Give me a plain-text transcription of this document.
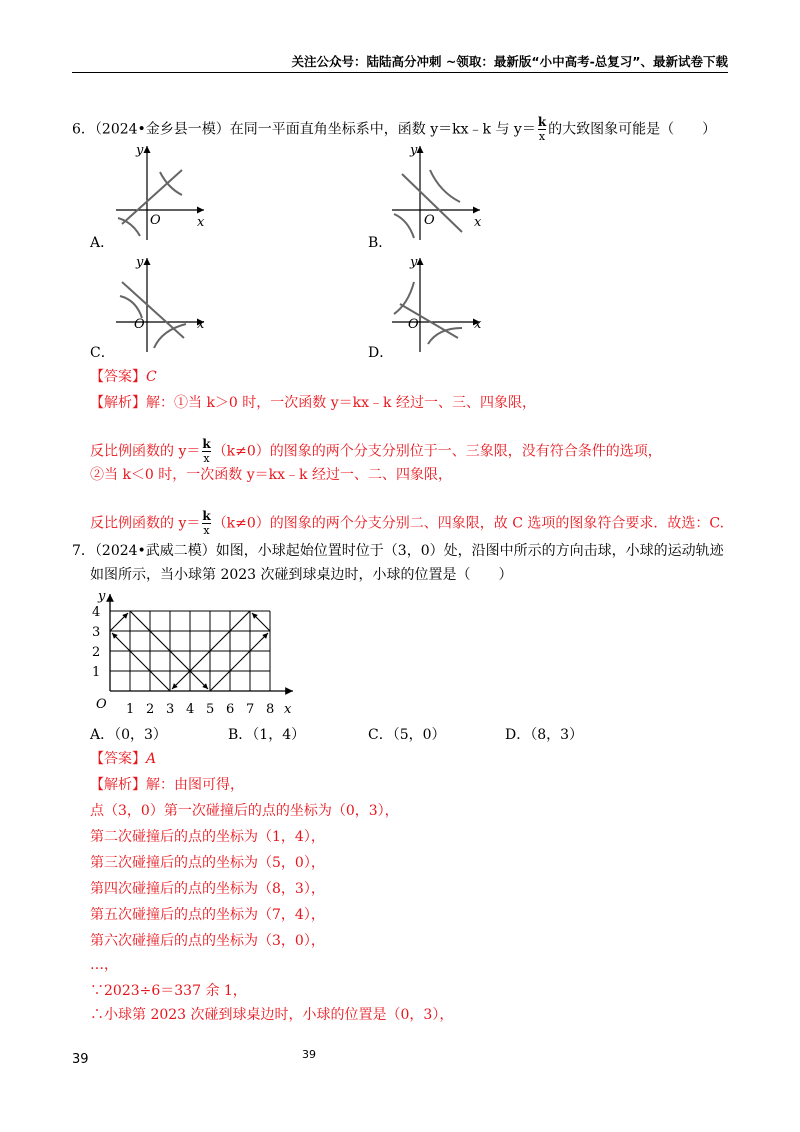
关注公众号：陆陆高分冲刺 ~领取：最新版“小中高考-总复习”、最新试卷下载
6．（2024•金乡县一模）在同一平面直角坐标系中，函数 y＝kx﹣k 与 $y= \frac{k}{x}$ 的大致图象可能是（　　）
y
x
O
A．
y
x
O
B．
y
x
O
C．
y
x
O
D．
【答案】C
【解析】解：①当 k＞0 时，一次函数 y＝kx﹣k 经过一、三、四象限，
反比例函数的 $y= \frac{k}{x} (k\ne 0)$的图象的两个分支分别位于一、三象限，没有符合条件的选项，
②当 k＜0 时，一次函数 y＝kx﹣k 经过一、二、四象限，
反比例函数的 $y= \frac{k}{x} (k\ne 0)$的图象的两个分支分别二、四象限，故 C 选项的图象符合要求．故选：C.
7．（2024•武威二模）如图，小球起始位置时位于（3，0）处，沿图中所示的方向击球，小球的运动轨迹
如图所示，当小球第 2023 次碰到球桌边时，小球的位置是（　　）
4
3
2
1
y
O 1 2 3 4 5 6 7 8 x
A．（0，3）	B．（1，4）	C．（5，0）	D．（8，3）
【答案】A
【解析】解：由图可得，
点（3，0）第一次碰撞后的点的坐标为（0，3），
第二次碰撞后的点的坐标为（1，4），
第三次碰撞后的点的坐标为（5，0），
第四次碰撞后的点的坐标为（8，3），
第五次碰撞后的点的坐标为（7，4），
第六次碰撞后的点的坐标为（3，0），
…，
∵2023÷6＝337 余 1，
∴小球第 2023 次碰到球桌边时，小球的位置是（0，3），
39	39
